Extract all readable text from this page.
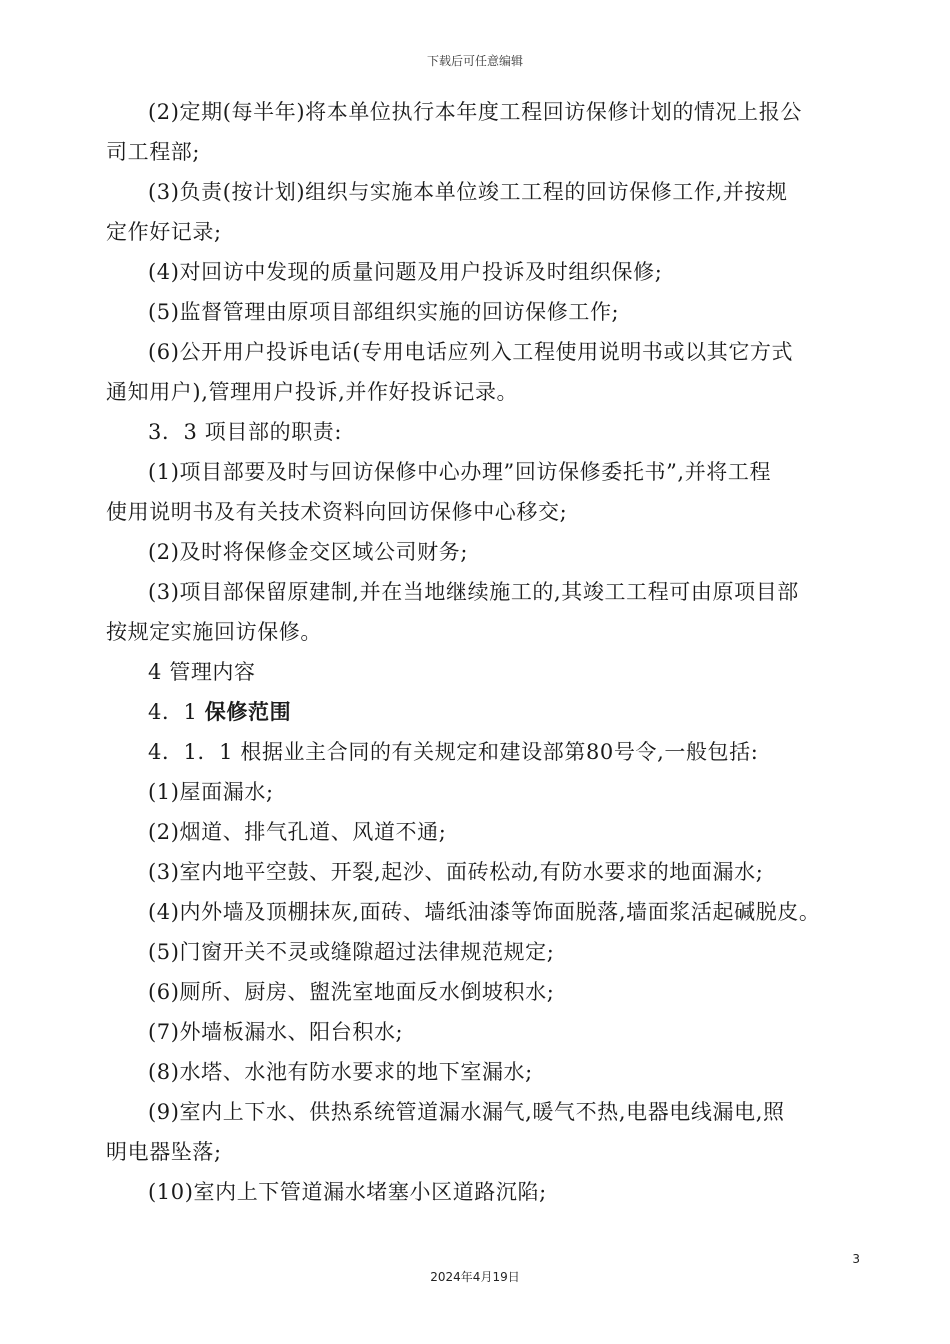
下载后可任意编辑
(2)定期(每半年)将本单位执行本年度工程回访保修计划的情况上报公
司工程部;
(3)负责(按计划)组织与实施本单位竣工工程的回访保修工作,并按规
定作好记录;
(4)对回访中发现的质量问题及用户投诉及时组织保修;
(5)监督管理由原项目部组织实施的回访保修工作;
(6)公开用户投诉电话(专用电话应列入工程使用说明书或以其它方式
通知用户),管理用户投诉,并作好投诉记录。
3．3 项目部的职责:
(1)项目部要及时与回访保修中心办理”回访保修委托书”,并将工程
使用说明书及有关技术资料向回访保修中心移交;
(2)及时将保修金交区域公司财务;
(3)项目部保留原建制,并在当地继续施工的,其竣工工程可由原项目部
按规定实施回访保修。
4 管理内容
4．1 保修范围
4．1．1 根据业主合同的有关规定和建设部第80号令,一般包括:
(1)屋面漏水;
(2)烟道、排气孔道、风道不通;
(3)室内地平空鼓、开裂,起沙、面砖松动,有防水要求的地面漏水;
(4)内外墙及顶棚抹灰,面砖、墙纸油漆等饰面脱落,墙面浆活起碱脱皮。
(5)门窗开关不灵或缝隙超过法律规范规定;
(6)厕所、厨房、盥洗室地面反水倒坡积水;
(7)外墙板漏水、阳台积水;
(8)水塔、水池有防水要求的地下室漏水;
(9)室内上下水、供热系统管道漏水漏气,暖气不热,电器电线漏电,照
明电器坠落;
(10)室内上下管道漏水堵塞小区道路沉陷;
3
2024年4月19日
